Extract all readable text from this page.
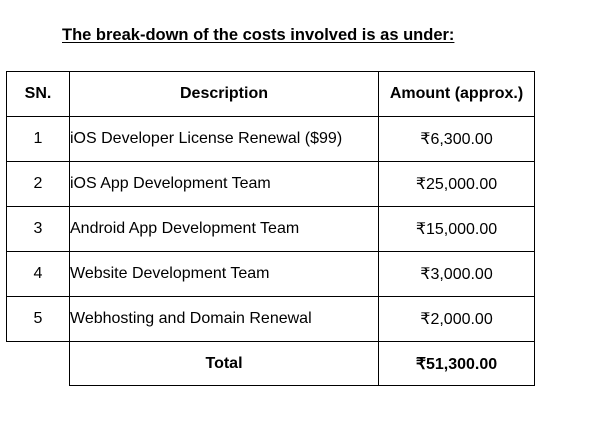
The break-down of the costs involved is as under:
SN.	Description	Amount (approx.)
1	iOS Developer License Renewal ($99)	₹6,300.00
2	iOS App Development Team	₹25,000.00
3	Android App Development Team	₹15,000.00
4	Website Development Team	₹3,000.00
5	Webhosting and Domain Renewal	₹2,000.00
	Total	₹51,300.00
